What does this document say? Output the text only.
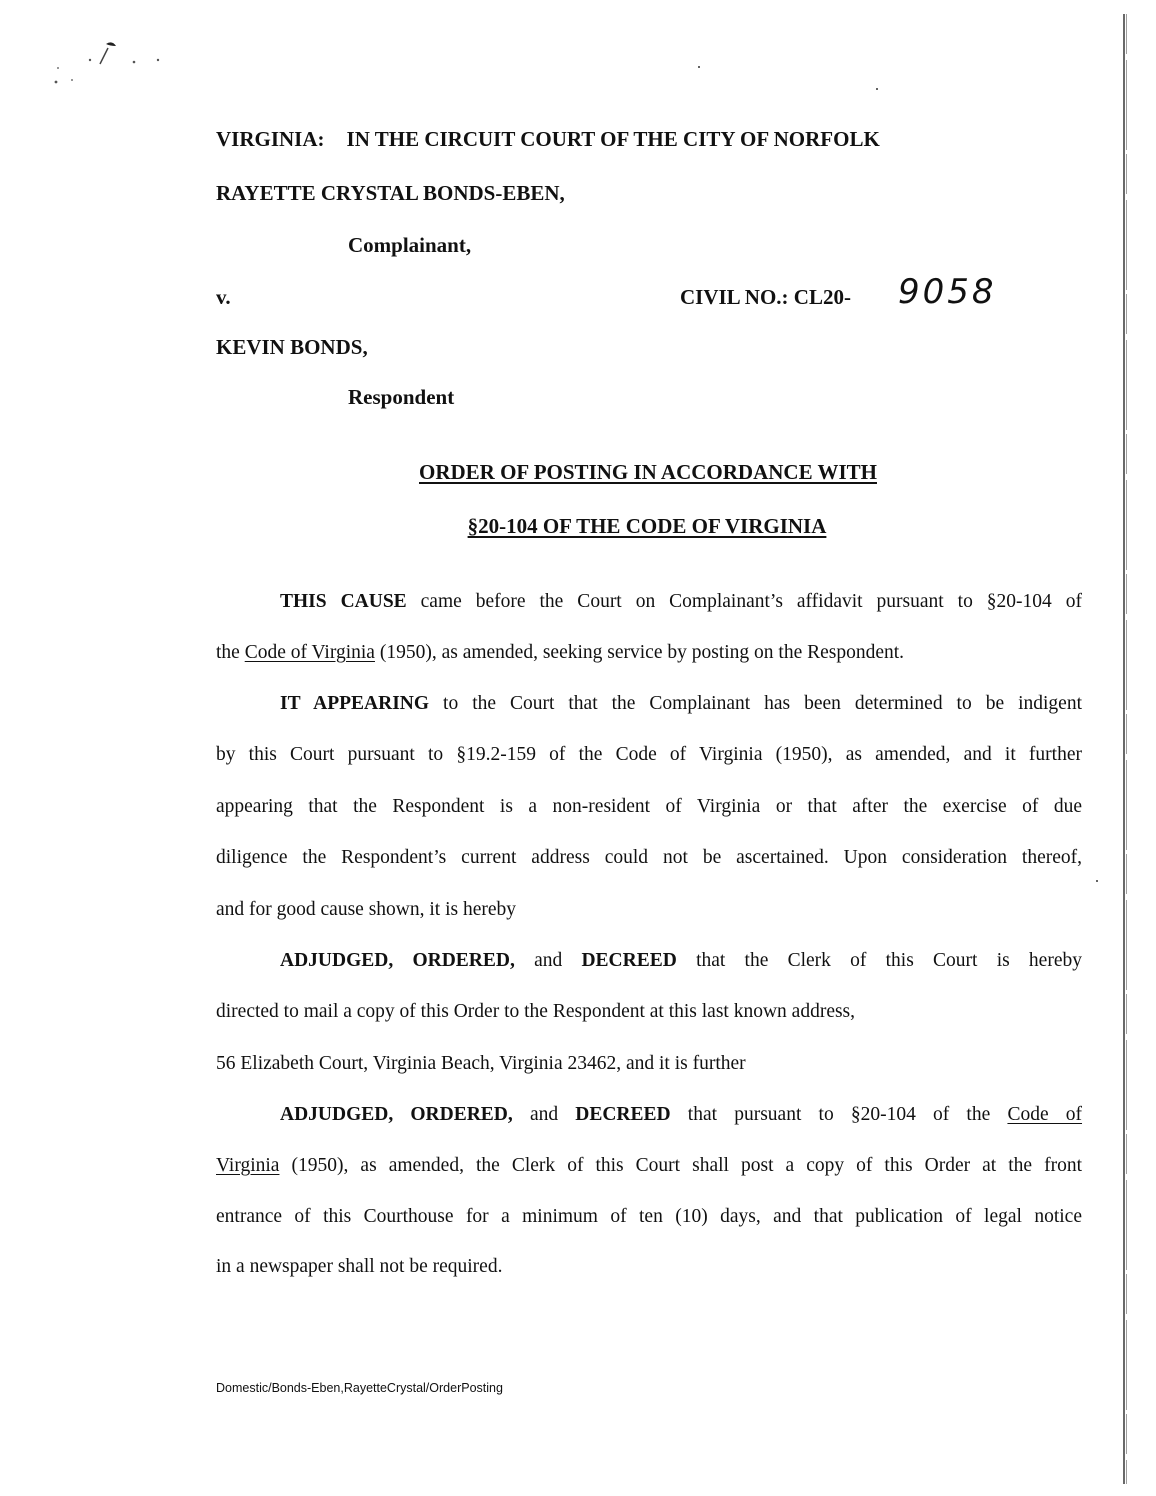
VIRGINIA: IN THE CIRCUIT COURT OF THE CITY OF NORFOLK
RAYETTE CRYSTAL BONDS-EBEN,
Complainant,
v.	CIVIL NO.: CL20- 9058
KEVIN BONDS,
Respondent
ORDER OF POSTING IN ACCORDANCE WITH
§20-104 OF THE CODE OF VIRGINIA
THIS CAUSE came before the Court on Complainant’s affidavit pursuant to §20-104 of
the Code of Virginia (1950), as amended, seeking service by posting on the Respondent.
IT APPEARING to the Court that the Complainant has been determined to be indigent
by this Court pursuant to §19.2-159 of the Code of Virginia (1950), as amended, and it further
appearing that the Respondent is a non-resident of Virginia or that after the exercise of due
diligence the Respondent’s current address could not be ascertained. Upon consideration thereof,
and for good cause shown, it is hereby
ADJUDGED, ORDERED, and DECREED that the Clerk of this Court is hereby
directed to mail a copy of this Order to the Respondent at this last known address,
56 Elizabeth Court, Virginia Beach, Virginia 23462, and it is further
ADJUDGED, ORDERED, and DECREED that pursuant to §20-104 of the Code of
Virginia (1950), as amended, the Clerk of this Court shall post a copy of this Order at the front
entrance of this Courthouse for a minimum of ten (10) days, and that publication of legal notice
in a newspaper shall not be required.
Domestic/Bonds-Eben,RayetteCrystal/OrderPosting
